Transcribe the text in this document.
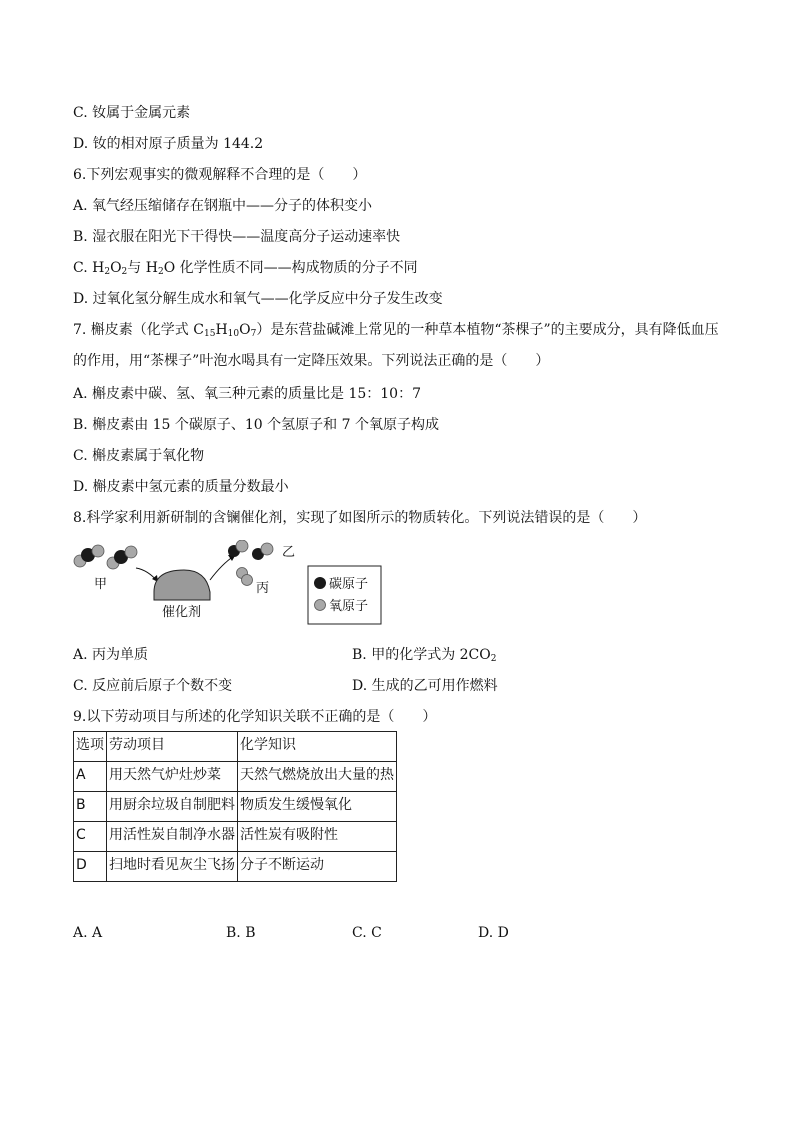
C. 钕属于金属元素
D. 钕的相对原子质量为 144.2
6.下列宏观事实的微观解释不合理的是（　　）
A. 氧气经压缩储存在钢瓶中——分子的体积变小
B. 湿衣服在阳光下干得快——温度高分子运动速率快
C. $H_2O_2$与 $H_2O$ 化学性质不同——构成物质的分子不同
D. 过氧化氢分解生成水和氧气——化学反应中分子发生改变
7. 槲皮素（化学式 $C_{15}H_{10}O_7$）是东营盐碱滩上常见的一种草本植物“茶棵子”的主要成分，具有降低血压
的作用，用“茶棵子”叶泡水喝具有一定降压效果。下列说法正确的是（　　）
A. 槲皮素中碳、氢、氧三种元素的质量比是 15：10：7
B. 槲皮素由 15 个碳原子、10 个氢原子和 7 个氧原子构成
C. 槲皮素属于氧化物
D. 槲皮素中氢元素的质量分数最小
8.科学家利用新研制的含镧催化剂，实现了如图所示的物质转化。下列说法错误的是（　　）
甲
催化剂
乙
丙	碳原子
氧原子
A. 丙为单质	B. 甲的化学式为 $2CO_2$
C. 反应前后原子个数不变	D. 生成的乙可用作燃料
9.以下劳动项目与所述的化学知识关联不正确的是（　　）
选项	劳动项目	化学知识
A	用天然气炉灶炒菜	天然气燃烧放出大量的热
B	用厨余垃圾自制肥料	物质发生缓慢氧化
C	用活性炭自制净水器	活性炭有吸附性
D	扫地时看见灰尘飞扬	分子不断运动
A. A	B. B	C. C	D. D
